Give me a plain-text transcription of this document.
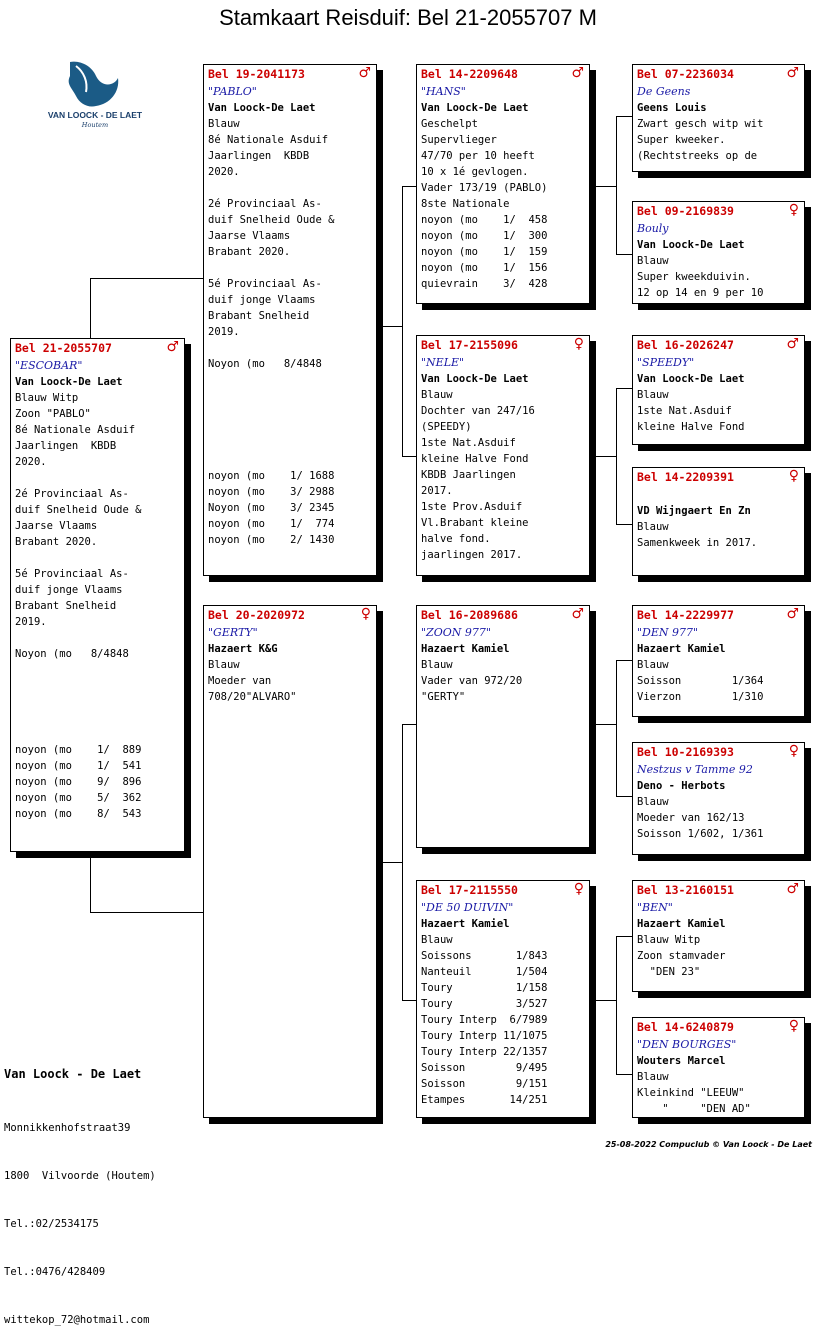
Stamkaart Reisduif: Bel 21-2055707 M
VAN LOOCK - DE LAET
Houtem
Bel 21-2055707	♂
"ESCOBAR"
Van Loock-De Laet
Blauw Witp
Zoon "PABLO"
8é Nationale Asduif
Jaarlingen  KBDB
2020.
2é Provinciaal As-
duif Snelheid Oude &
Jaarse Vlaams
Brabant 2020.
5é Provinciaal As-
duif jonge Vlaams
Brabant Snelheid
2019.
Noyon (mo   8/4848
noyon (mo    1/  889
noyon (mo    1/  541
noyon (mo    9/  896
noyon (mo    5/  362
noyon (mo    8/  543
Bel 19-2041173	♂
"PABLO"
Van Loock-De Laet
Blauw
8é Nationale Asduif
Jaarlingen  KBDB
2020.
2é Provinciaal As-
duif Snelheid Oude &
Jaarse Vlaams
Brabant 2020.
5é Provinciaal As-
duif jonge Vlaams
Brabant Snelheid
2019.
Noyon (mo   8/4848
noyon (mo    1/ 1688
noyon (mo    3/ 2988
Noyon (mo    3/ 2345
noyon (mo    1/  774
noyon (mo    2/ 1430
Bel 20-2020972	♀
"GERTY"
Hazaert K&G
Blauw
Moeder van
708/20"ALVARO"
Bel 14-2209648	♂
"HANS"
Van Loock-De Laet
Geschelpt
Supervlieger
47/70 per 10 heeft
10 x 1é gevlogen.
Vader 173/19 (PABLO)
8ste Nationale
noyon (mo    1/  458
noyon (mo    1/  300
noyon (mo    1/  159
noyon (mo    1/  156
quievrain    3/  428
Bel 17-2155096	♀
"NELE"
Van Loock-De Laet
Blauw
Dochter van 247/16
(SPEEDY)
1ste Nat.Asduif
kleine Halve Fond
KBDB Jaarlingen
2017.
1ste Prov.Asduif
Vl.Brabant kleine
halve fond.
jaarlingen 2017.
Bel 16-2089686	♂
"ZOON 977"
Hazaert Kamiel
Blauw
Vader van 972/20
"GERTY"
Bel 17-2115550	♀
"DE 50 DUIVIN"
Hazaert Kamiel
Blauw
Soissons       1/843
Nanteuil       1/504
Toury          1/158
Toury          3/527
Toury Interp  6/7989
Toury Interp 11/1075
Toury Interp 22/1357
Soisson        9/495
Soisson        9/151
Etampes       14/251
Bel 07-2236034	♂
De Geens
Geens Louis
Zwart gesch witp wit
Super kweeker.
(Rechtstreeks op de
Bel 09-2169839	♀
Bouly
Van Loock-De Laet
Blauw
Super kweekduivin.
12 op 14 en 9 per 10
Bel 16-2026247	♂
"SPEEDY"
Van Loock-De Laet
Blauw
1ste Nat.Asduif
kleine Halve Fond
Bel 14-2209391	♀
VD Wijngaert En Zn
Blauw
Samenkweek in 2017.
Bel 14-2229977	♂
"DEN 977"
Hazaert Kamiel
Blauw
Soisson        1/364
Vierzon        1/310
Bel 10-2169393	♀
Nestzus v Tamme 92
Deno - Herbots
Blauw
Moeder van 162/13
Soisson 1/602, 1/361
Bel 13-2160151	♂
"BEN"
Hazaert Kamiel
Blauw Witp
Zoon stamvader
"DEN 23"
Bel 14-6240879	♀
"DEN BOURGES"
Wouters Marcel
Blauw
Kleinkind "LEEUW"
"     "DEN AD"

Van Loock - De Laet

Monnikkenhofstraat39

1800  Vilvoorde (Houtem)

Tel.:02/2534175

Tel.:0476/428409

wittekop_72@hotmail.com

25-08-2022 Compuclub © Van Loock - De Laet
